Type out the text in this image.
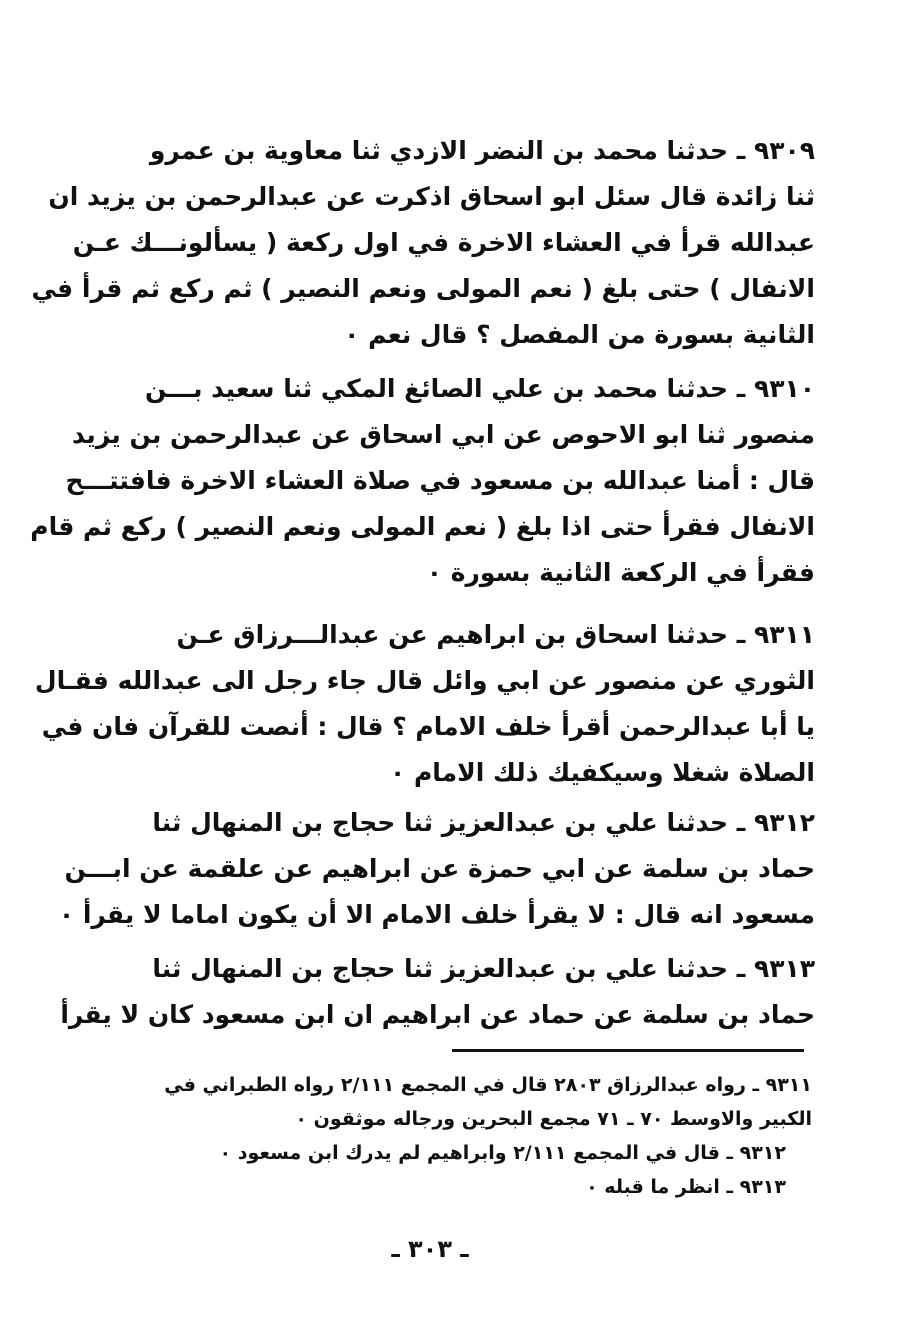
٩٣٠٩ ـ حدثنا محمد بن النضر الازدي ثنا معاوية بن عمرو
ثنا زائدة قال سئل ابو اسحاق اذكرت عن عبدالرحمن بن يزيد ان
عبدالله قرأ في العشاء الاخرة في اول ركعة ( يسألونـــك عـن
الانفال ) حتى بلغ ( نعم المولى ونعم النصير ) ثم ركع ثم قرأ في
الثانية بسورة من المفصل ؟ قال نعم ٠
٩٣١٠ ـ حدثنا محمد بن علي الصائغ المكي ثنا سعيد بـــن
منصور ثنا ابو الاحوص عن ابي اسحاق عن عبدالرحمن بن يزيد
قال : أمنا عبدالله بن مسعود في صلاة العشاء الاخرة فافتتـــح
الانفال فقرأ حتى اذا بلغ ( نعم المولى ونعم النصير ) ركع ثم قام
فقرأ في الركعة الثانية بسورة ٠
٩٣١١ ـ حدثنا اسحاق بن ابراهيم عن عبدالـــرزاق عـن
الثوري عن منصور عن ابي وائل قال جاء رجل الى عبدالله فقـال
يا أبا عبدالرحمن أقرأ خلف الامام ؟ قال : أنصت للقرآن فان في
الصلاة شغلا وسيكفيك ذلك الامام ٠
٩٣١٢ ـ حدثنا علي بن عبدالعزيز ثنا حجاج بن المنهال ثنا
حماد بن سلمة عن ابي حمزة عن ابراهيم عن علقمة عن ابـــن
مسعود انه قال : لا يقرأ خلف الامام الا أن يكون اماما لا يقرأ ٠
٩٣١٣ ـ حدثنا علي بن عبدالعزيز ثنا حجاج بن المنهال ثنا
حماد بن سلمة عن حماد عن ابراهيم ان ابن مسعود كان لا يقرأ
٩٣١١ ـ رواه عبدالرزاق ٢٨٠٣ قال في المجمع ٢/١١١ رواه الطبراني في
الكبير والاوسط ٧٠ ـ ٧١ مجمع البحرين ورجاله موثقون ٠
٩٣١٢ ـ قال في المجمع ٢/١١١ وابراهيم لم يدرك ابن مسعود ٠
٩٣١٣ ـ انظر ما قبله ٠
ـ ٣٠٣ ـ
